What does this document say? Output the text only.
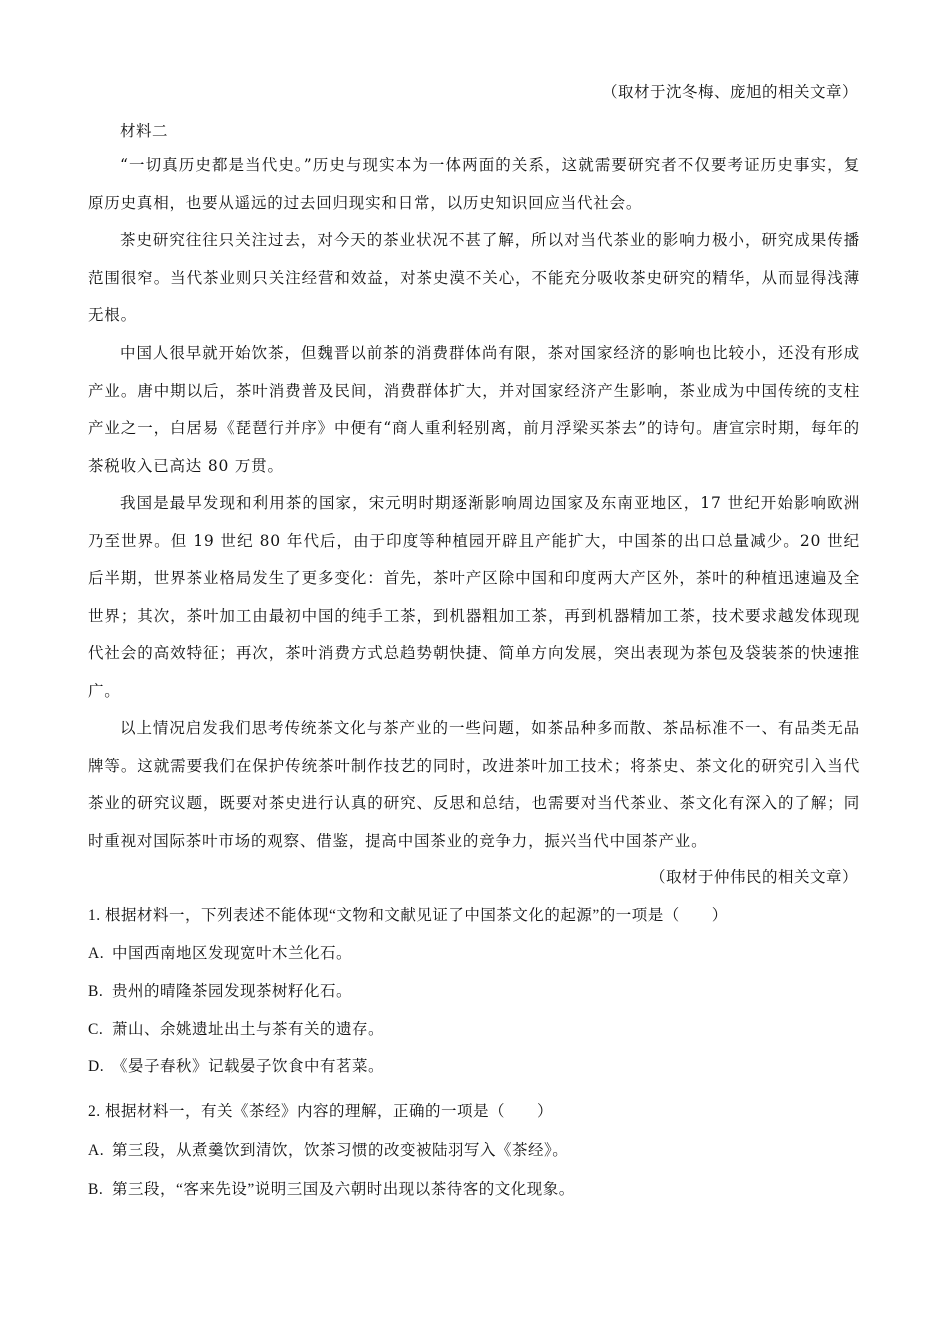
（取材于沈冬梅、庞旭的相关文章）
材料二

“一切真历史都是当代史。”历史与现实本为一体两面的关系，这就需要研究者不仅要考证历史事实，复原历史真相，也要从遥远的过去回归现实和日常，以历史知识回应当代社会。

茶史研究往往只关注过去，对今天的茶业状况不甚了解，所以对当代茶业的影响力极小，研究成果传播范围很窄。当代茶业则只关注经营和效益，对茶史漠不关心，不能充分吸收茶史研究的精华，从而显得浅薄无根。

中国人很早就开始饮茶，但魏晋以前茶的消费群体尚有限，茶对国家经济的影响也比较小，还没有形成产业。唐中期以后，茶叶消费普及民间，消费群体扩大，并对国家经济产生影响，茶业成为中国传统的支柱产业之一，白居易《琵琶行并序》中便有“商人重利轻别离，前月浮梁买茶去”的诗句。唐宣宗时期，每年的茶税收入已高达 80 万贯。

我国是最早发现和利用茶的国家，宋元明时期逐渐影响周边国家及东南亚地区，17 世纪开始影响欧洲乃至世界。但 19 世纪 80 年代后，由于印度等种植园开辟且产能扩大，中国茶的出口总量减少。20 世纪后半期，世界茶业格局发生了更多变化：首先，茶叶产区除中国和印度两大产区外，茶叶的种植迅速遍及全世界；其次，茶叶加工由最初中国的纯手工茶，到机器粗加工茶，再到机器精加工茶，技术要求越发体现现代社会的高效特征；再次，茶叶消费方式总趋势朝快捷、简单方向发展，突出表现为茶包及袋装茶的快速推广。

以上情况启发我们思考传统茶文化与茶产业的一些问题，如茶品种多而散、茶品标准不一、有品类无品牌等。这就需要我们在保护传统茶叶制作技艺的同时，改进茶叶加工技术；将茶史、茶文化的研究引入当代茶业的研究议题，既要对茶史进行认真的研究、反思和总结，也需要对当代茶业、茶文化有深入的了解；同时重视对国际茶叶市场的观察、借鉴，提高中国茶业的竞争力，振兴当代中国茶产业。

（取材于仲伟民的相关文章）
1. 根据材料一，下列表述不能体现“文物和文献见证了中国茶文化的起源”的一项是（　　）
A. 中国西南地区发现宽叶木兰化石。
B. 贵州的晴隆茶园发现茶树籽化石。
C. 萧山、余姚遗址出土与茶有关的遗存。
D. 《晏子春秋》记载晏子饮食中有茗菜。
2. 根据材料一，有关《茶经》内容的理解，正确的一项是（　　）
A. 第三段，从煮羹饮到清饮，饮茶习惯的改变被陆羽写入《茶经》。
B. 第三段，“客来先设”说明三国及六朝时出现以茶待客的文化现象。
